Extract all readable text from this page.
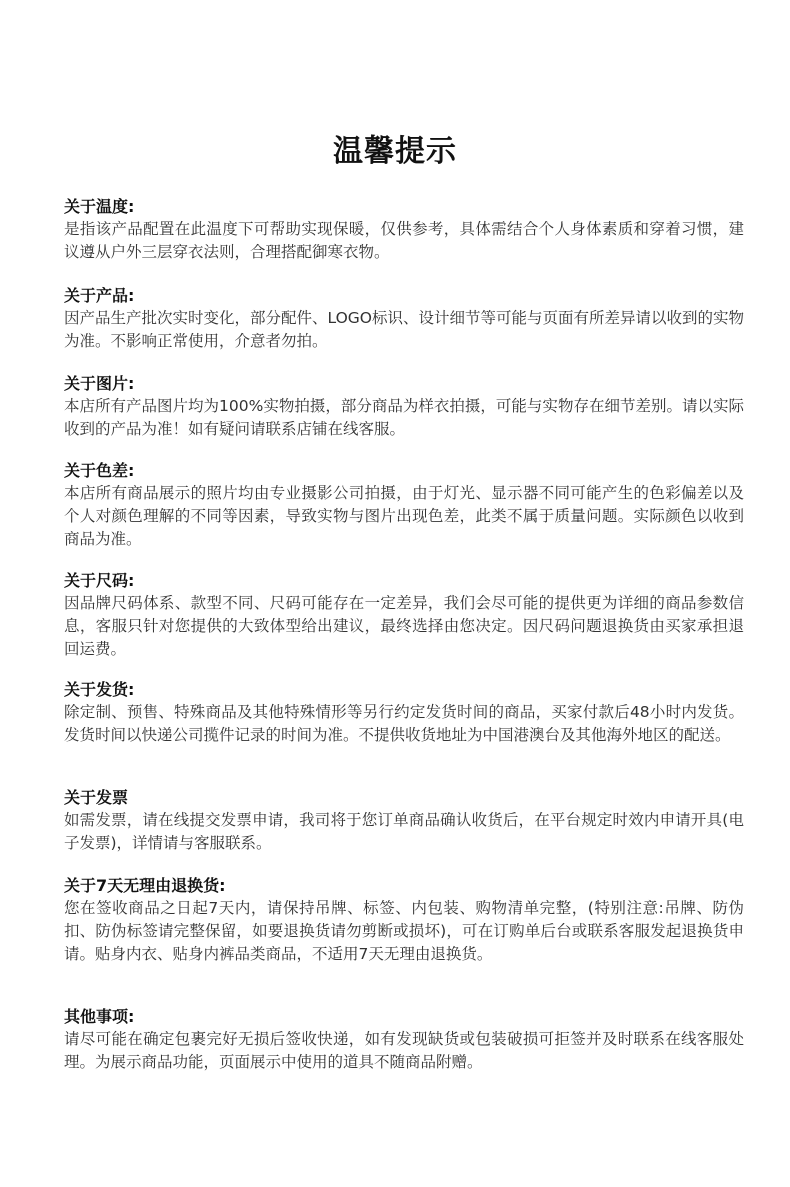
温馨提示

关于温度:

是指该产品配置在此温度下可帮助实现保暖，仅供参考，具体需结合个人身体素质和穿着习惯，建议遵从户外三层穿衣法则，合理搭配御寒衣物。

关于产品:

因产品生产批次实时变化，部分配件、LOGO标识、设计细节等可能与页面有所差异请以收到的实物为准。不影响正常使用，介意者勿拍。

关于图片:

本店所有产品图片均为100%实物拍摄，部分商品为样衣拍摄，可能与实物存在细节差别。请以实际收到的产品为准！如有疑问请联系店铺在线客服。

关于色差:

本店所有商品展示的照片均由专业摄影公司拍摄，由于灯光、显示器不同可能产生的色彩偏差以及个人对颜色理解的不同等因素，导致实物与图片出现色差，此类不属于质量问题。实际颜色以收到商品为准。

关于尺码:

因品牌尺码体系、款型不同、尺码可能存在一定差异，我们会尽可能的提供更为详细的商品参数信息，客服只针对您提供的大致体型给出建议，最终选择由您决定。因尺码问题退换货由买家承担退回运费。

关于发货:

除定制、预售、特殊商品及其他特殊情形等另行约定发货时间的商品，买家付款后48小时内发货。发货时间以快递公司揽件记录的时间为准。不提供收货地址为中国港澳台及其他海外地区的配送。

关于发票

如需发票，请在线提交发票申请，我司将于您订单商品确认收货后，在平台规定时效内申请开具(电子发票)，详情请与客服联系。

关于7天无理由退换货:

您在签收商品之日起7天内，请保持吊牌、标签、内包装、购物清单完整，(特别注意:吊牌、防伪扣、防伪标签请完整保留，如要退换货请勿剪断或损坏)，可在订购单后台或联系客服发起退换货申请。贴身内衣、贴身内裤品类商品，不适用7天无理由退换货。

其他事项:

请尽可能在确定包裹完好无损后签收快递，如有发现缺货或包装破损可拒签并及时联系在线客服处理。为展示商品功能，页面展示中使用的道具不随商品附赠。
